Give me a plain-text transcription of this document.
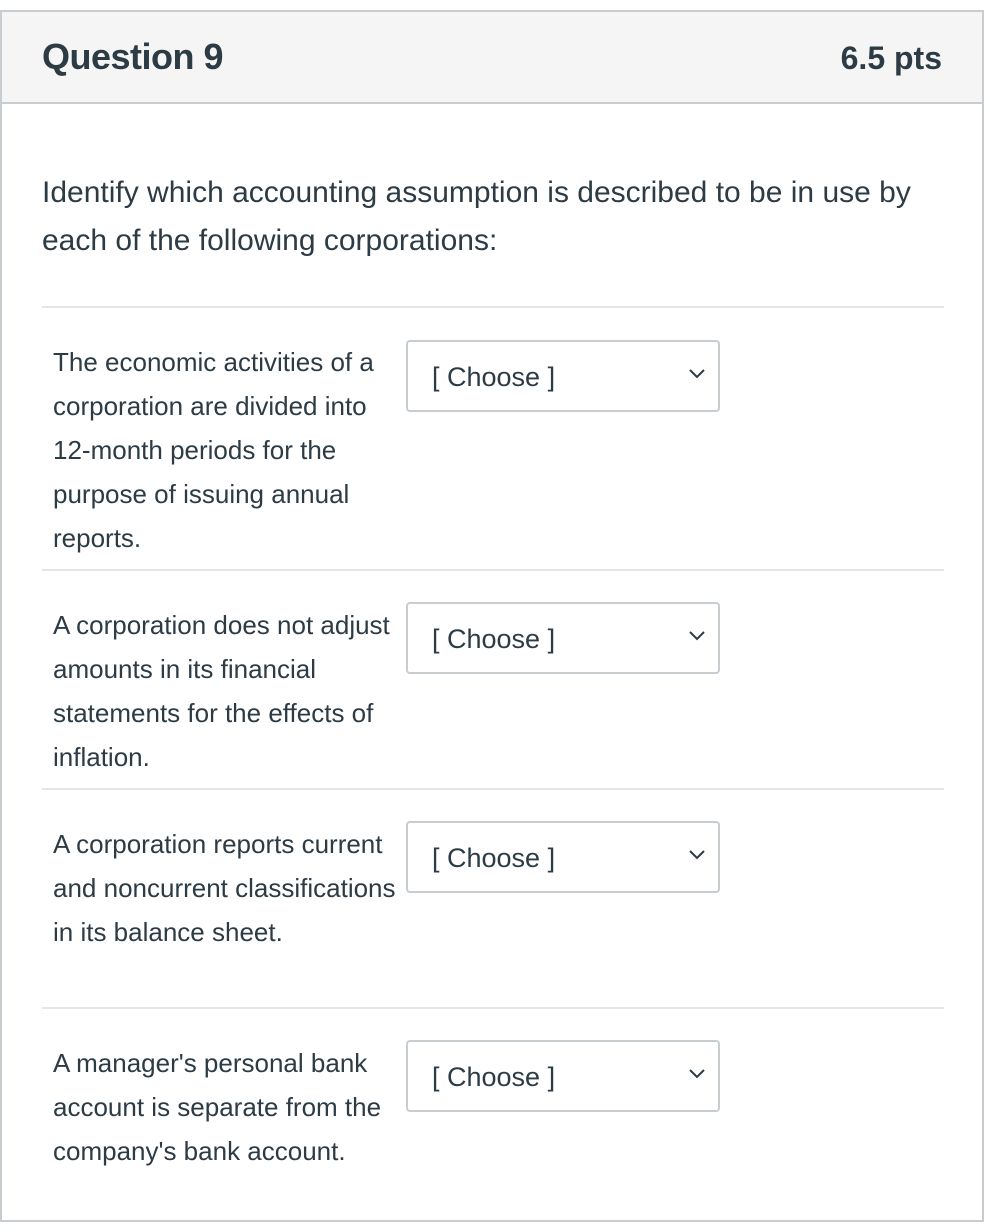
Question 9	6.5 pts
Identify which accounting assumption is described to be in use by each of the following corporations:
The economic activities of a corporation are divided into 12-month periods for the purpose of issuing annual reports.
[ Choose ]
A corporation does not adjust amounts in its financial statements for the effects of inflation.
[ Choose ]
A corporation reports current and noncurrent classifications in its balance sheet.
[ Choose ]
A manager's personal bank account is separate from the company's bank account.
[ Choose ]
